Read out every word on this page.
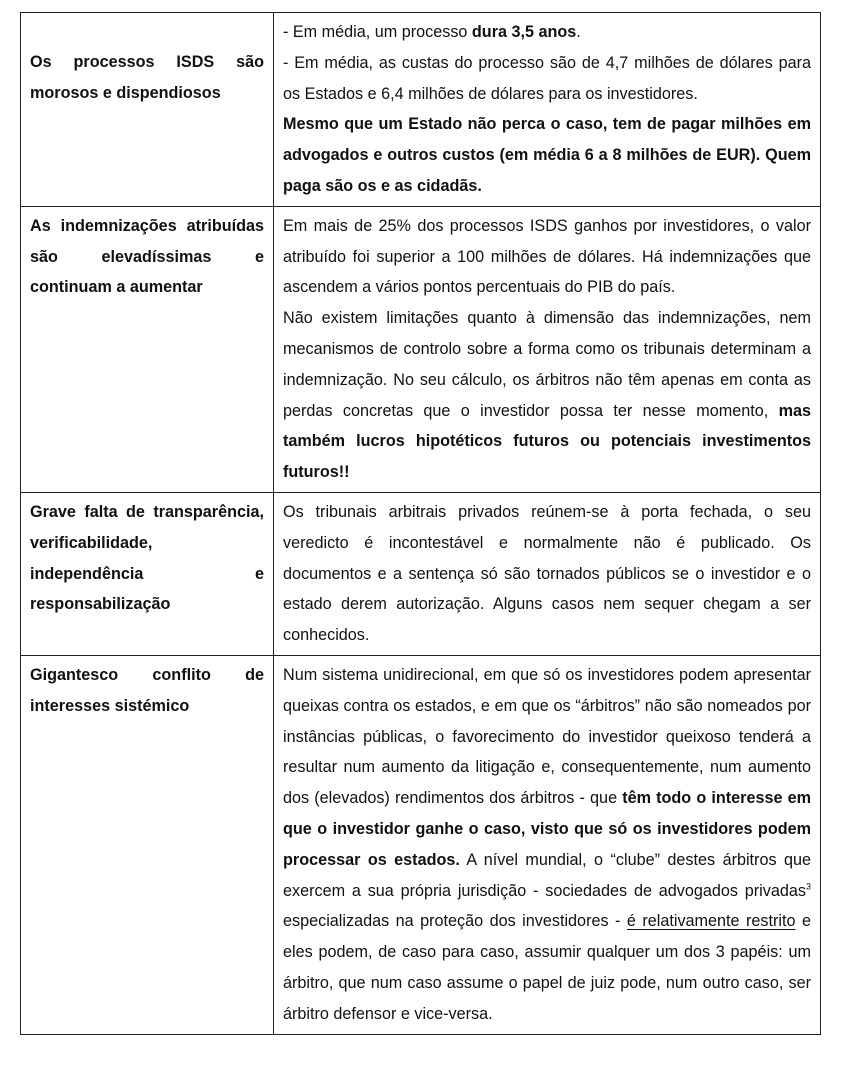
Os processos ISDS são morosos e dispendiosos	- Em média, um processo dura 3,5 anos.

- Em média, as custas do processo são de 4,7 milhões de dólares para os Estados e 6,4 milhões de dólares para os investidores.

Mesmo que um Estado não perca o caso, tem de pagar milhões em advogados e outros custos (em média 6 a 8 milhões de EUR). Quem paga são os e as cidadãs.

As indemnizações atribuídas são elevadíssimas e continuam a aumentar	Em mais de 25% dos processos ISDS ganhos por investidores, o valor atribuído foi superior a 100 milhões de dólares. Há indemnizações que ascendem a vários pontos percentuais do PIB do país.

Não existem limitações quanto à dimensão das indemnizações, nem mecanismos de controlo sobre a forma como os tribunais determinam a indemnização. No seu cálculo, os árbitros não têm apenas em conta as perdas concretas que o investidor possa ter nesse momento, mas também lucros hipotéticos futuros ou potenciais investimentos futuros!!

Grave falta de transparência, verificabilidade, independência e responsabilização	Os tribunais arbitrais privados reúnem-se à porta fechada, o seu veredicto é incontestável e normalmente não é publicado. Os documentos e a sentença só são tornados públicos se o investidor e o estado derem autorização. Alguns casos nem sequer chegam a ser conhecidos.

Gigantesco conflito de interesses sistémico	Num sistema unidirecional, em que só os investidores podem apresentar queixas contra os estados, e em que os “árbitros” não são nomeados por instâncias públicas, o favorecimento do investidor queixoso tenderá a resultar num aumento da litigação e, consequentemente, num aumento dos (elevados) rendimentos dos árbitros - que têm todo o interesse em que o investidor ganhe o caso, visto que só os investidores podem processar os estados. A nível mundial, o “clube” destes árbitros que exercem a sua própria jurisdição - sociedades de advogados privadas$^3$ especializadas na proteção dos investidores - é relativamente restrito e eles podem, de caso para caso, assumir qualquer um dos 3 papéis: um árbitro, que num caso assume o papel de juiz pode, num outro caso, ser árbitro defensor e vice-versa.
